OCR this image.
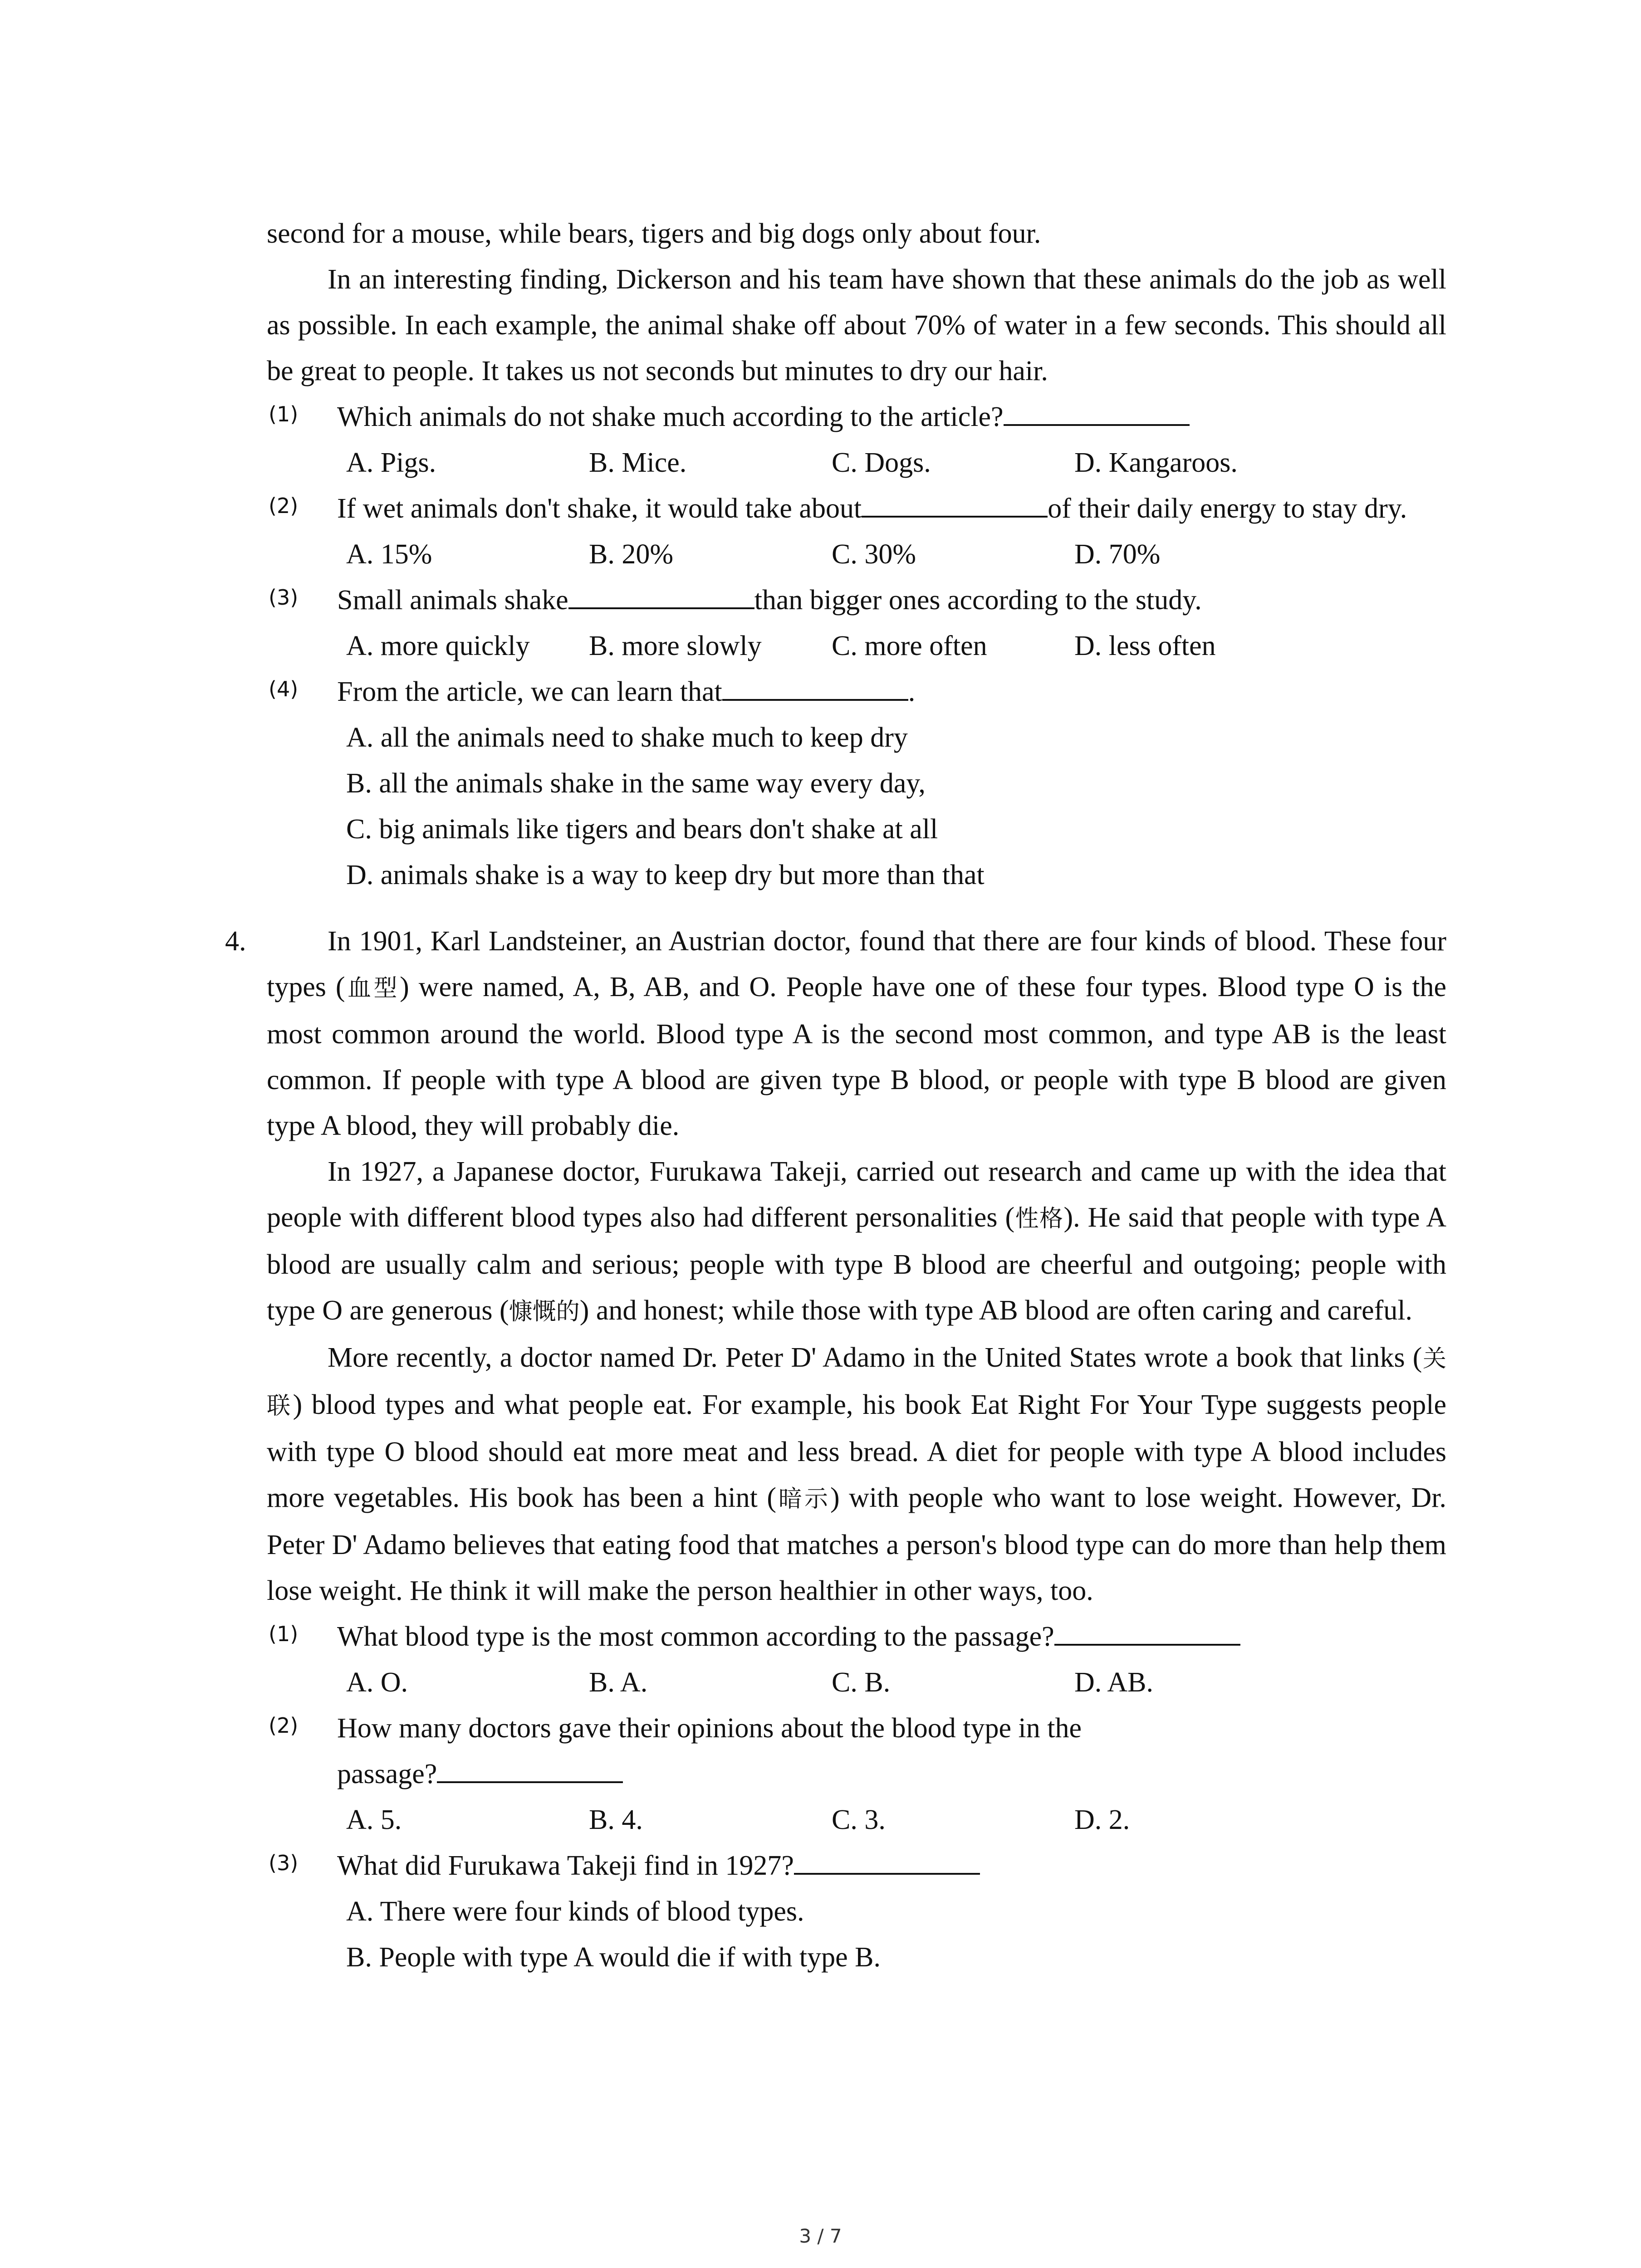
second for a mouse, while bears, tigers and big dogs only about four.

In an interesting finding, Dickerson and his team have shown that these animals do the job as well as possible. In each example, the animal shake off about 70% of water in a few seconds. This should all be great to people. It takes us not seconds but minutes to dry our hair.

(1) Which animals do not shake much according to the article?

A. Pigs.	B. Mice.	C. Dogs.	D. Kangaroos.
(2) If wet animals don't shake, it would take about	of their daily energy to stay dry.

A. 15%	B. 20%	C. 30%	D. 70%
(3) Small animals shake	than bigger ones according to the study.

A. more quickly	B. more slowly	C. more often	D. less often
(4) From the article, we can learn that	.

A. all the animals need to shake much to keep dry
B. all the animals shake in the same way every day,
C. big animals like tigers and bears don't shake at all
D. animals shake is a way to keep dry but more than that
4.	In 1901, Karl Landsteiner, an Austrian doctor, found that there are four kinds of blood. These four types (血型) were named, A, B, AB, and O. People have one of these four types. Blood type O is the most common around the world. Blood type A is the second most common, and type AB is the least common. If people with type A blood are given type B blood, or people with type B blood are given type A blood, they will probably die.

In 1927, a Japanese doctor, Furukawa Takeji, carried out research and came up with the idea that people with different blood types also had different personalities (性格). He said that people with type A blood are usually calm and serious; people with type B blood are cheerful and outgoing; people with type O are generous (慷慨的) and honest; while those with type AB blood are often caring and careful.

More recently, a doctor named Dr. Peter D' Adamo in the United States wrote a book that links (关联) blood types and what people eat. For example, his book Eat Right For Your Type suggests people with type O blood should eat more meat and less bread. A diet for people with type A blood includes more vegetables. His book has been a hint (暗示) with people who want to lose weight. However, Dr. Peter D' Adamo believes that eating food that matches a person's blood type can do more than help them lose weight. He think it will make the person healthier in other ways, too.

(1) What blood type is the most common according to the passage?

A. O.	B. A.	C. B.	D. AB.
(2) How many doctors gave their opinions about the blood type in the passage?

A. 5.	B. 4.	C. 3.	D. 2.
(3) What did Furukawa Takeji find in 1927?

A. There were four kinds of blood types.
B. People with type A would die if with type B.
3 / 7
